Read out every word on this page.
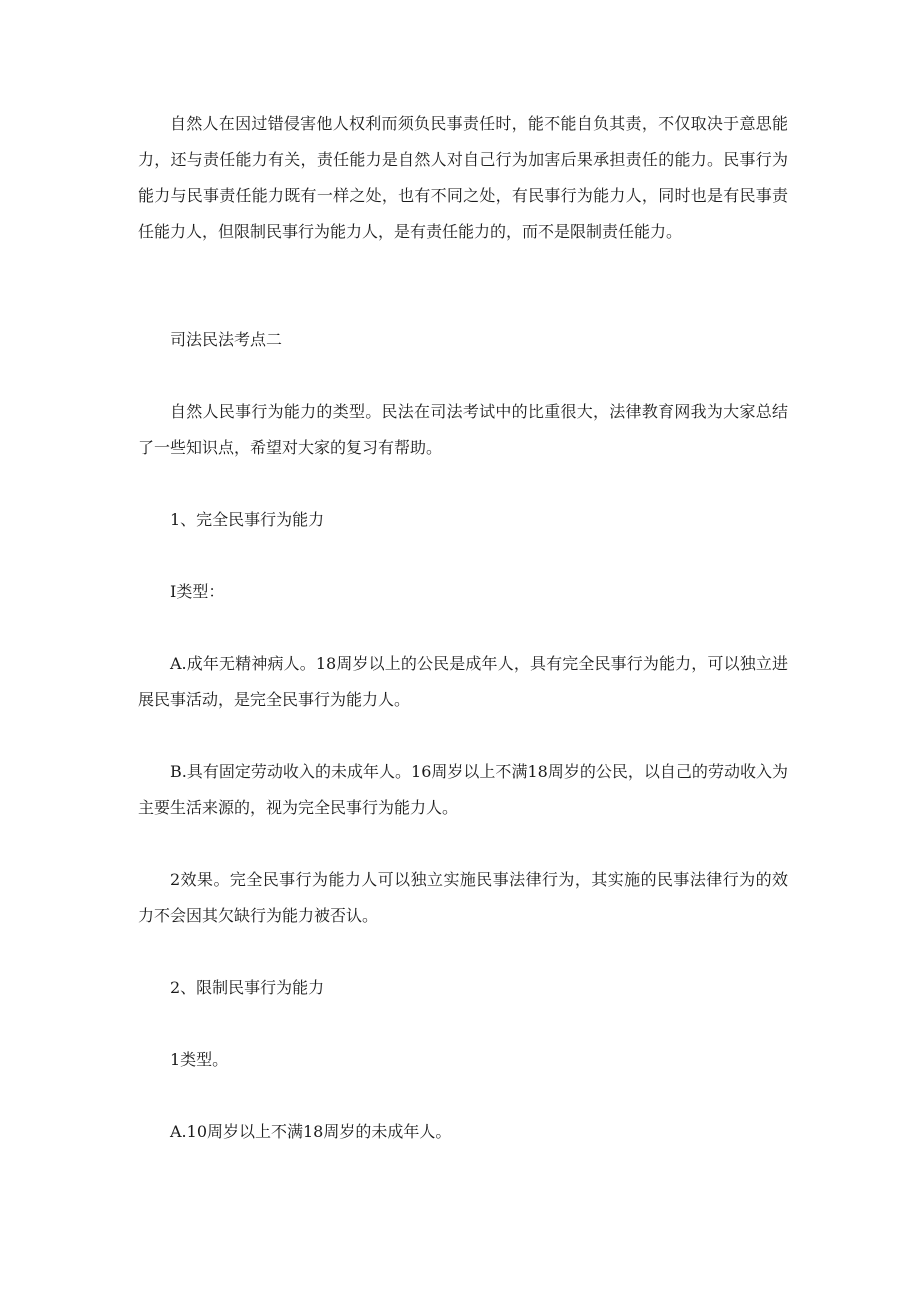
自然人在因过错侵害他人权利而须负民事责任时，能不能自负其责，不仅取决于意思能力，还与责任能力有关，责任能力是自然人对自己行为加害后果承担责任的能力。民事行为能力与民事责任能力既有一样之处，也有不同之处，有民事行为能力人，同时也是有民事责任能力人，但限制民事行为能力人，是有责任能力的，而不是限制责任能力。

司法民法考点二

自然人民事行为能力的类型。民法在司法考试中的比重很大，法律教育网我为大家总结了一些知识点，希望对大家的复习有帮助。

1、完全民事行为能力

I类型：

A.成年无精神病人。18周岁以上的公民是成年人，具有完全民事行为能力，可以独立进展民事活动，是完全民事行为能力人。

B.具有固定劳动收入的未成年人。16周岁以上不满18周岁的公民，以自己的劳动收入为主要生活来源的，视为完全民事行为能力人。

2效果。完全民事行为能力人可以独立实施民事法律行为，其实施的民事法律行为的效力不会因其欠缺行为能力被否认。

2、限制民事行为能力

1类型。

A.10周岁以上不满18周岁的未成年人。
